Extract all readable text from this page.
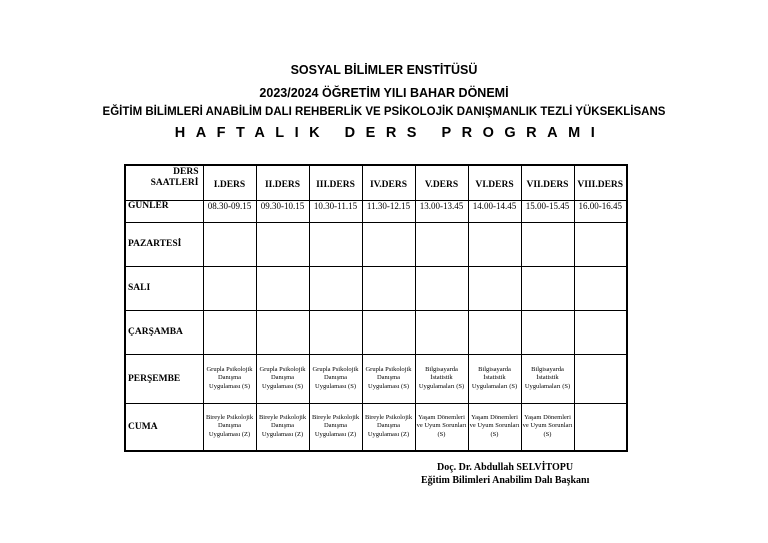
SOSYAL BİLİMLER ENSTİTÜSÜ
2023/2024 ÖĞRETİM YILI BAHAR DÖNEMİ
EĞİTİM BİLİMLERİ ANABİLİM DALI REHBERLİK VE PSİKOLOJİK DANIŞMANLIK TEZLİ YÜKSEKLİSANS
HAFTALIK DERS PROGRAMI
DERS
SAATLERİ	I.DERS	II.DERS	III.DERS	IV.DERS	V.DERS	VI.DERS	VII.DERS	VIII.DERS
GÜNLER	08.30-09.15	09.30-10.15	10.30-11.15	11.30-12.15	13.00-13.45	14.00-14.45	15.00-15.45	16.00-16.45
PAZARTESİ								
SALI								
ÇARŞAMBA								
PERŞEMBE	Grupla Psikolojik Danışma Uygulaması (S)	Grupla Psikolojik Danışma Uygulaması (S)	Grupla Psikolojik Danışma Uygulaması (S)	Grupla Psikolojik Danışma Uygulaması (S)	Bilgisayarda İstatistik Uygulamaları (S)	Bilgisayarda İstatistik Uygulamaları (S)	Bilgisayarda İstatistik Uygulamaları (S)	
CUMA	Bireyle Psikolojik Danışma Uygulaması (Z)	Bireyle Psikolojik Danışma Uygulaması (Z)	Bireyle Psikolojik Danışma Uygulaması (Z)	Bireyle Psikolojik Danışma Uygulaması (Z)	Yaşam Dönemleri ve Uyum Sorunları (S)	Yaşam Dönemleri ve Uyum Sorunları (S)	Yaşam Dönemleri ve Uyum Sorunları (S)	
Doç. Dr. Abdullah SELVİTOPU
Eğitim Bilimleri Anabilim Dalı Başkanı
